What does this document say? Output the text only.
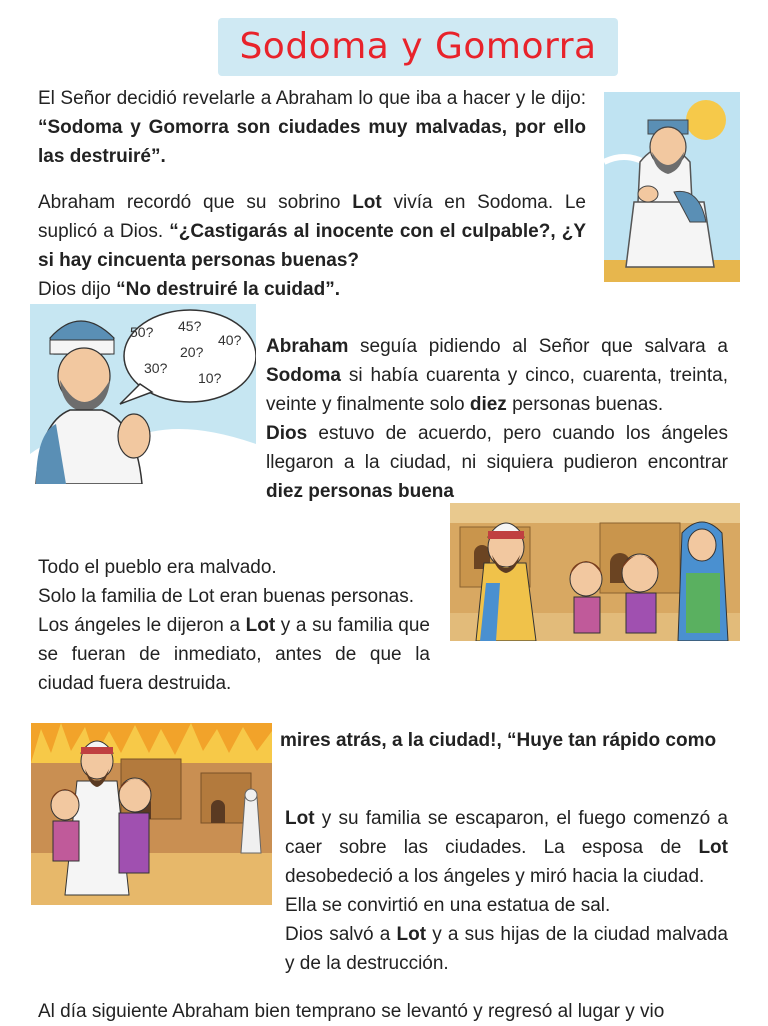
Sodoma y Gomorra
El Señor decidió revelarle a Abraham lo que iba a hacer y le dijo: “Sodoma y Gomorra son ciudades muy malvadas, por ello las destruiré”.
Abraham recordó que su sobrino Lot vivía en Sodoma. Le suplicó a Dios. “¿Castigarás al inocente con el culpable?, ¿Y si hay cincuenta personas buenas?
Dios dijo “No destruiré la cuidad”.
50? 45?
40?
20?
30?
10?
Abraham seguía pidiendo al Señor que salvara a Sodoma si había cuarenta y cinco, cuarenta, treinta, veinte y finalmente solo diez personas buenas.
Dios estuvo de acuerdo, pero cuando los ángeles llegaron a la ciudad, ni siquiera pudieron encontrar diez personas buena
Todo el pueblo era malvado.
Solo la familia de Lot eran buenas personas.
Los ángeles le dijeron a Lot y a su familia que se fueran de inmediato, antes de que la ciudad fuera destruida.
mires atrás, a la ciudad!, “Huye tan rápido como
Lot y su familia se escaparon, el fuego comenzó a caer sobre las ciudades. La esposa de Lot desobedeció a los ángeles y miró hacia la ciudad.
Ella se convirtió en una estatua de sal.
Dios salvó a Lot y a sus hijas de la ciudad malvada y de la destrucción.
Al día siguiente Abraham bien temprano se levantó y regresó al lugar y vio
